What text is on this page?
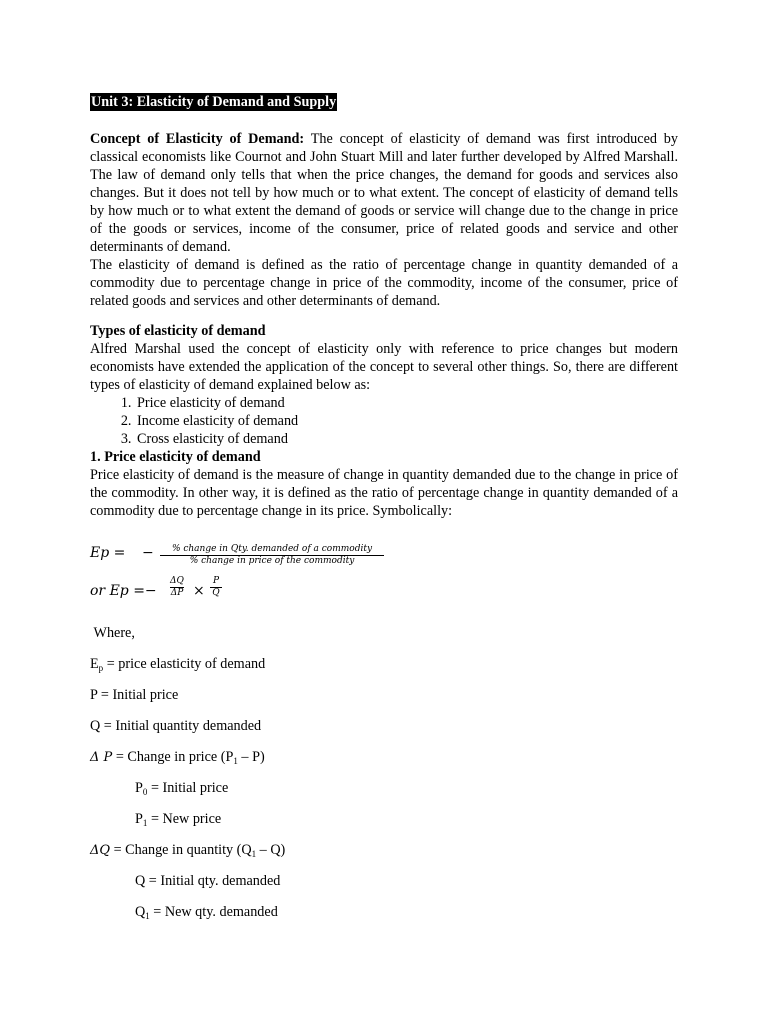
Unit 3: Elasticity of Demand and Supply

Concept of Elasticity of Demand: The concept of elasticity of demand was first introduced by classical economists like Cournot and John Stuart Mill and later further developed by Alfred Marshall. The law of demand only tells that when the price changes, the demand for goods and services also changes. But it does not tell by how much or to what extent. The concept of elasticity of demand tells by how much or to what extent the demand of goods or service will change due to the change in price of the goods or services, income of the consumer, price of related goods and service and other determinants of demand.

The elasticity of demand is defined as the ratio of percentage change in quantity demanded of a commodity due to percentage change in price of the commodity, income of the consumer, price of related goods and services and other determinants of demand.

Types of elasticity of demand

Alfred Marshal used the concept of elasticity only with reference to price changes but modern economists have extended the application of the concept to several other things. So, there are different types of elasticity of demand explained below as:

1. Price elasticity of demand
2. Income elasticity of demand
3. Cross elasticity of demand

1. Price elasticity of demand

Price elasticity of demand is the measure of change in quantity demanded due to the change in price of the commodity. In other way, it is defined as the ratio of percentage change in quantity demanded of a commodity due to percentage change in its price. Symbolically:

Ep = −	% change in Qty. demanded of a commodity
% change in price of the commodity
or Ep =−
ΔQ
ΔP ×
P
Q
Where,
$E_p$ = price elasticity of demand
P = Initial price
Q = Initial quantity demanded
Δ P = Change in price $(P_1 - P)$
$P_0$ = Initial price
$P_1$ = New price
ΔQ = Change in quantity $(Q_1 - Q)$
Q = Initial qty. demanded
$Q_1$ = New qty. demanded
